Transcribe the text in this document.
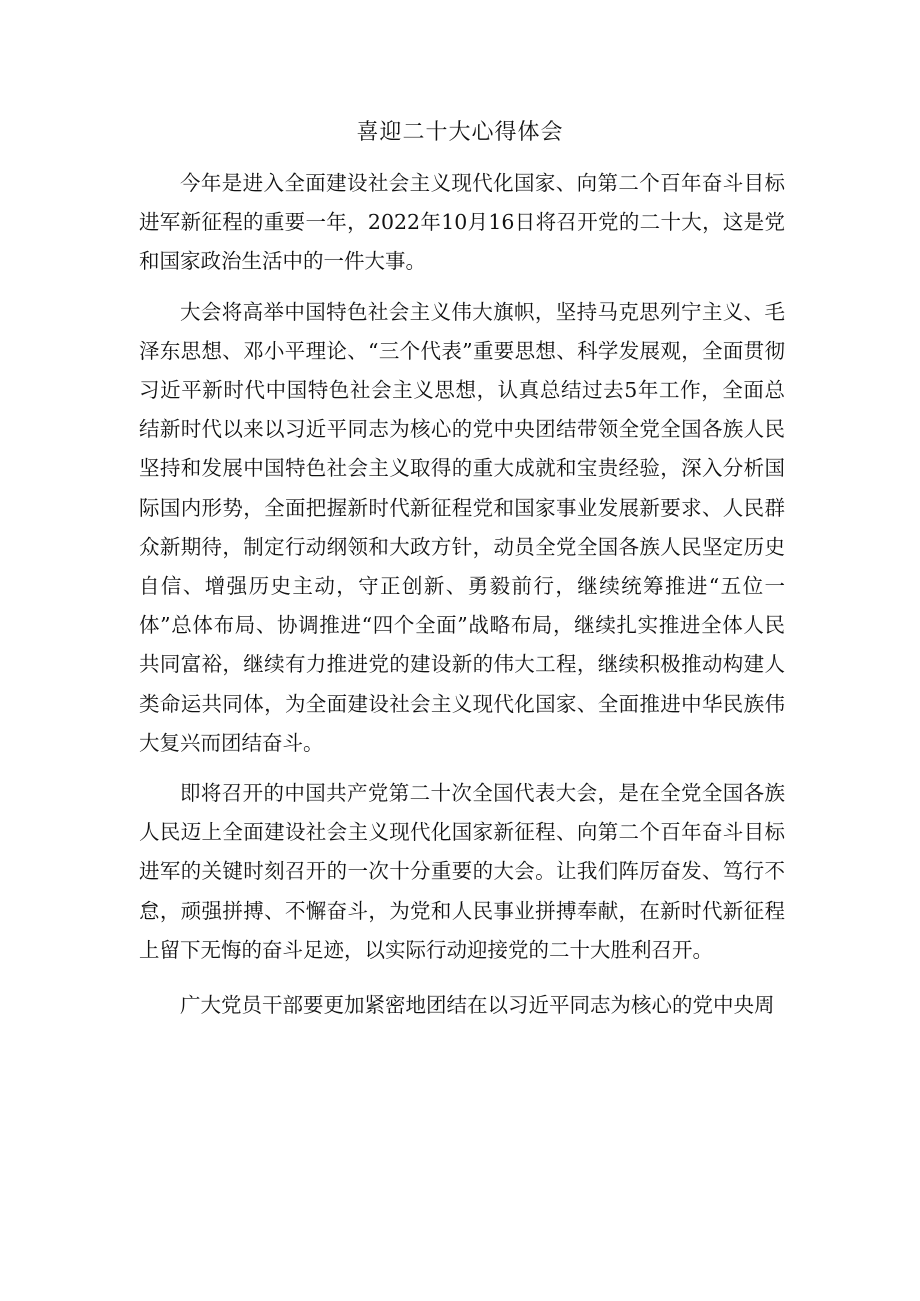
喜迎二十大心得体会

今年是进入全面建设社会主义现代化国家、向第二个百年奋斗目标进军新征程的重要一年，2022年10月16日将召开党的二十大，这是党和国家政治生活中的一件大事。

大会将高举中国特色社会主义伟大旗帜，坚持马克思列宁主义、毛泽东思想、邓小平理论、“三个代表”重要思想、科学发展观，全面贯彻习近平新时代中国特色社会主义思想，认真总结过去5年工作，全面总结新时代以来以习近平同志为核心的党中央团结带领全党全国各族人民坚持和发展中国特色社会主义取得的重大成就和宝贵经验，深入分析国际国内形势，全面把握新时代新征程党和国家事业发展新要求、人民群众新期待，制定行动纲领和大政方针，动员全党全国各族人民坚定历史自信、增强历史主动，守正创新、勇毅前行，继续统筹推进“五位一体”总体布局、协调推进“四个全面”战略布局，继续扎实推进全体人民共同富裕，继续有力推进党的建设新的伟大工程，继续积极推动构建人类命运共同体，为全面建设社会主义现代化国家、全面推进中华民族伟大复兴而团结奋斗。

即将召开的中国共产党第二十次全国代表大会，是在全党全国各族人民迈上全面建设社会主义现代化国家新征程、向第二个百年奋斗目标进军的关键时刻召开的一次十分重要的大会。让我们阵厉奋发、笃行不怠，顽强拼搏、不懈奋斗，为党和人民事业拼搏奉献，在新时代新征程上留下无悔的奋斗足迹，以实际行动迎接党的二十大胜利召开。

广大党员干部要更加紧密地团结在以习近平同志为核心的党中央周
